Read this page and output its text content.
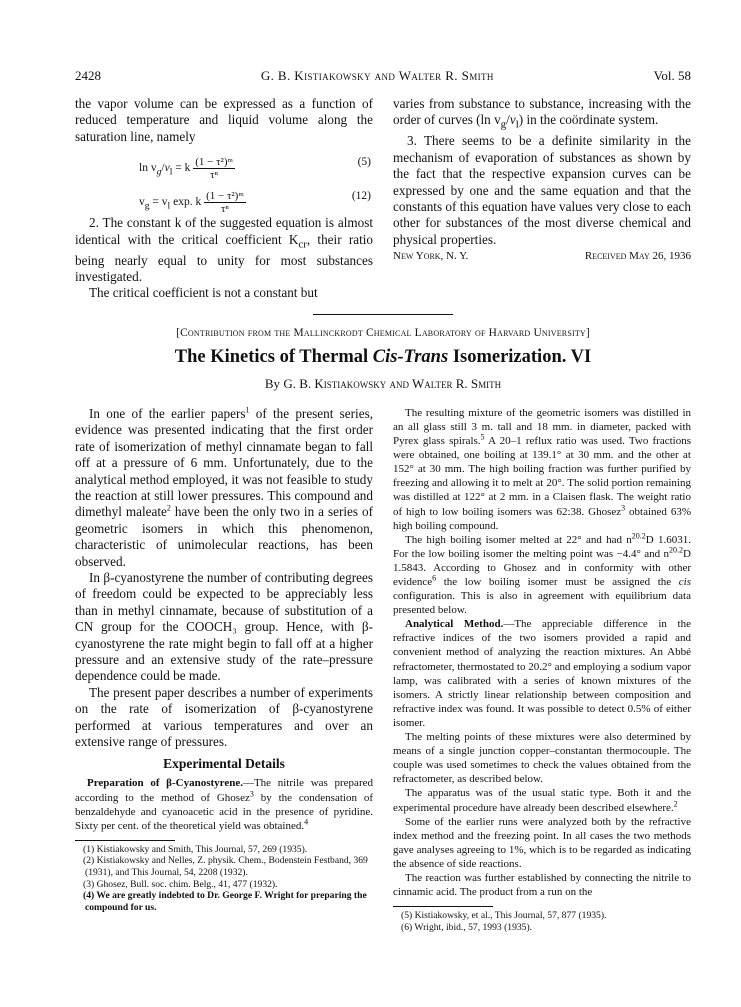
2428	G. B. Kistiakowsky and Walter R. Smith	Vol. 58

the vapor volume can be expressed as a function of reduced temperature and liquid volume along the saturation line, namely

$\ln v_g/v_l = k \frac{\text{(1 − τ²)ᵐ}}{\text{τⁿ}}$	(5)
$v_g = v_l$ exp. k $\frac{\text{(1 − τ²)ᵐ}}{\text{τⁿ}}$	(12)

2. The constant k of the suggested equation is almost identical with the critical coefficient $K_{cr}$, their ratio being nearly equal to unity for most substances investigated.

The critical coefficient is not a constant but

varies from substance to substance, increasing with the order of curves (ln $v_g/v_l$) in the coördinate system.

3. There seems to be a definite similarity in the mechanism of evaporation of substances as shown by the fact that the respective expansion curves can be expressed by one and the same equation and that the constants of this equation have values very close to each other for substances of the most diverse chemical and physical properties.

New York, N. Y.	Received May 26, 1936
[Contribution from the Mallinckrodt Chemical Laboratory of Harvard University]
The Kinetics of Thermal Cis-Trans Isomerization. VI
By G. B. Kistiakowsky and Walter R. Smith

In one of the earlier papers$^1$ of the present series, evidence was presented indicating that the first order rate of isomerization of methyl cinnamate began to fall off at a pressure of 6 mm. Unfortunately, due to the analytical method employed, it was not feasible to study the reaction at still lower pressures. This compound and dimethyl maleate$^2$ have been the only two in a series of geometric isomers in which this phenomenon, characteristic of unimolecular reactions, has been observed.

In β-cyanostyrene the number of contributing degrees of freedom could be expected to be appreciably less than in methyl cinnamate, because of substitution of a CN group for the COOCH₃ group. Hence, with β-cyanostyrene the rate might begin to fall off at a higher pressure and an extensive study of the rate–pressure dependence could be made.

The present paper describes a number of experiments on the rate of isomerization of β-cyanostyrene performed at various temperatures and over an extensive range of pressures.

Experimental Details

Preparation of β-Cyanostyrene.—The nitrile was prepared according to the method of Ghosez$^3$ by the condensation of benzaldehyde and cyanoacetic acid in the presence of pyridine. Sixty per cent. of the theoretical yield was obtained.$^4$

(1) Kistiakowsky and Smith, This Journal, 57, 269 (1935).

(2) Kistiakowsky and Nelles, Z. physik. Chem., Bodenstein Festband, 369 (1931), and This Journal, 54, 2208 (1932).

(3) Ghosez, Bull. soc. chim. Belg., 41, 477 (1932).

(4) We are greatly indebted to Dr. George F. Wright for preparing the compound for us.

The resulting mixture of the geometric isomers was distilled in an all glass still 3 m. tall and 18 mm. in diameter, packed with Pyrex glass spirals.$^5$ A 20–1 reflux ratio was used. Two fractions were obtained, one boiling at 139.1° at 30 mm. and the other at 152° at 30 mm. The high boiling fraction was further purified by freezing and allowing it to melt at 20°. The solid portion remaining was distilled at 122° at 2 mm. in a Claisen flask. The weight ratio of high to low boiling isomers was 62:38. Ghosez$^3$ obtained 63% high boiling compound.

The high boiling isomer melted at 22° and had $n^{20.2}D$ 1.6031. For the low boiling isomer the melting point was −4.4° and $n^{20.2}D$ 1.5843. According to Ghosez and in conformity with other evidence$^6$ the low boiling isomer must be assigned the cis configuration. This is also in agreement with equilibrium data presented below.

Analytical Method.—The appreciable difference in the refractive indices of the two isomers provided a rapid and convenient method of analyzing the reaction mixtures. An Abbé refractometer, thermostated to 20.2° and employing a sodium vapor lamp, was calibrated with a series of known mixtures of the isomers. A strictly linear relationship between composition and refractive index was found. It was possible to detect 0.5% of either isomer.

The melting points of these mixtures were also determined by means of a single junction copper–constantan thermocouple. The couple was used sometimes to check the values obtained from the refractometer, as described below.

The apparatus was of the usual static type. Both it and the experimental procedure have already been described elsewhere.$^2$

Some of the earlier runs were analyzed both by the refractive index method and the freezing point. In all cases the two methods gave analyses agreeing to 1%, which is to be regarded as indicating the absence of side reactions.

The reaction was further established by connecting the nitrile to cinnamic acid. The product from a run on the

(5) Kistiakowsky, et al., This Journal, 57, 877 (1935).

(6) Wright, ibid., 57, 1993 (1935).
